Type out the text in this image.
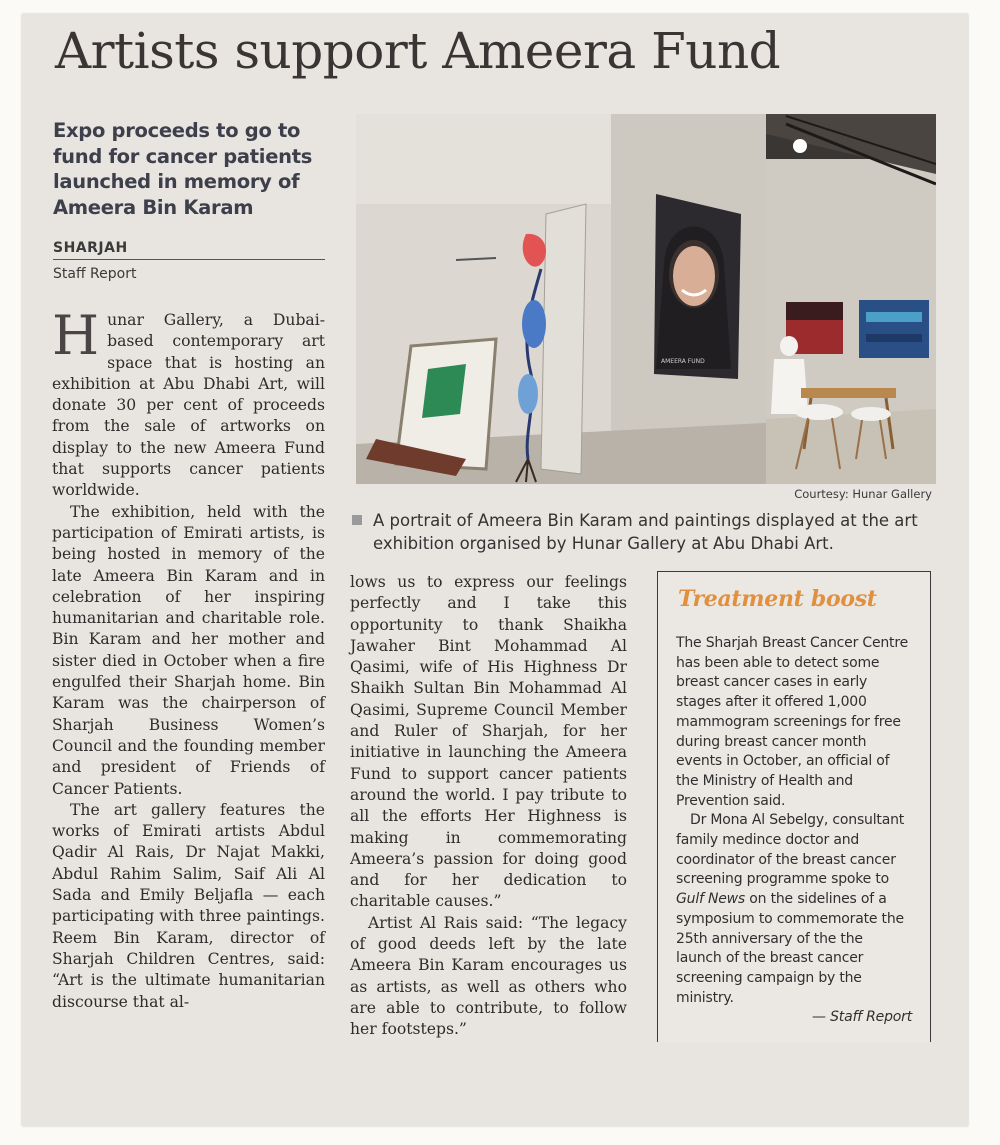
Artists support Ameera Fund
Expo proceeds to go to fund for cancer patients launched in memory of Ameera Bin Karam
SHARJAH
Staff Report

Hunar Gallery, a Dubai-based contemporary art space that is hosting an exhibition at Abu Dhabi Art, will donate 30 per cent of proceeds from the sale of artworks on display to the new Ameera Fund that supports cancer patients worldwide.

The exhibition, held with the participation of Emirati artists, is being hosted in memory of the late Ameera Bin Karam and in celebration of her inspiring humanitarian and charitable role. Bin Karam and her mother and sister died in October when a fire engulfed their Sharjah home. Bin Karam was the chairperson of Sharjah Business Women’s Council and the founding member and president of Friends of Cancer Patients.

The art gallery features the works of Emirati artists Abdul Qadir Al Rais, Dr Najat Makki, Abdul Rahim Salim, Saif Ali Al Sada and Emily Beljafla — each participating with three paintings. Reem Bin Karam, director of Sharjah Children Centres, said: “Art is the ultimate humanitarian discourse that al-

AMEERA FUND
Courtesy: Hunar Gallery
A portrait of Ameera Bin Karam and paintings displayed at the art exhibition organised by Hunar Gallery at Abu Dhabi Art.

lows us to express our feelings perfectly and I take this opportunity to thank Shaikha Jawaher Bint Mohammad Al Qasimi, wife of His Highness Dr Shaikh Sultan Bin Mohammad Al Qasimi, Supreme Council Member and Ruler of Sharjah, for her initiative in launching the Ameera Fund to support cancer patients around the world. I pay tribute to all the efforts Her Highness is making in commemorating Ameera’s passion for doing good and for her dedication to charitable causes.”

Artist Al Rais said: “The legacy of good deeds left by the late Ameera Bin Karam encourages us as artists, as well as others who are able to contribute, to follow her footsteps.”

Treatment boost

The Sharjah Breast Cancer Centre has been able to detect some breast cancer cases in early stages after it offered 1,000 mammogram screenings for free during breast cancer month events in October, an official of the Ministry of Health and Prevention said.

Dr Mona Al Sebelgy, consultant family medince doctor and coordinator of the breast cancer screening programme spoke to Gulf News on the sidelines of a symposium to commemorate the 25th anniversary of the the launch of the breast cancer screening campaign by the ministry.

— Staff Report
